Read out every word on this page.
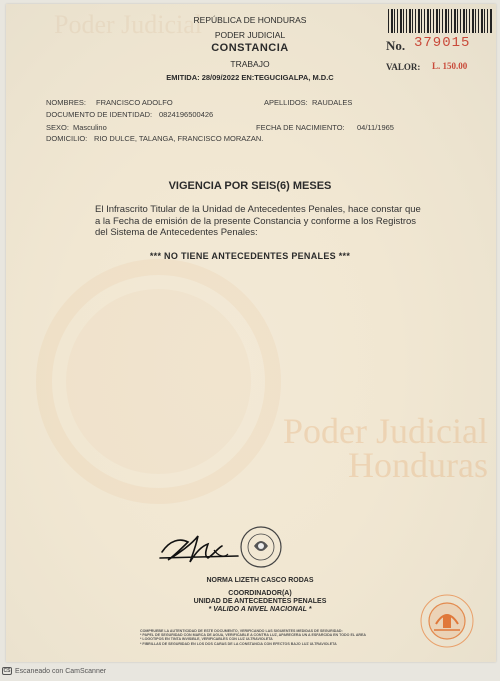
Poder Judicial
Poder Judicial
Honduras
REPÚBLICA DE HONDURAS
PODER JUDICIAL
CONSTANCIA
TRABAJO
EMITIDA: 28/09/2022 EN:TEGUCIGALPA, M.D.C
No. 379015
VALOR: L. 150.00
NOMBRES: FRANCISCO ADOLFO	APELLIDOS: RAUDALES
DOCUMENTO DE IDENTIDAD: 0824196500426
SEXO: Masculino	FECHA DE NACIMIENTO: 04/11/1965
DOMICILIO: RIO DULCE, TALANGA, FRANCISCO MORAZAN.
VIGENCIA POR SEIS(6) MESES
El Infrascrito Titular de la Unidad de Antecedentes Penales, hace constar que a la Fecha de emisión de la presente Constancia y conforme a los Registros del Sistema de Antecedentes Penales:
*** NO TIENE ANTECEDENTES PENALES ***
NORMA LIZETH CASCO RODAS
COORDINADOR(A)
UNIDAD DE ANTECEDENTES PENALES
* VALIDO A NIVEL NACIONAL *
COMPRUEBE LA AUTENTICIDAD DE ESTE DOCUMENTO, VERIFICANDO LAS SIGUIENTES MEDIDAS DE SEGURIDAD:
* PAPEL DE SEGURIDAD CON MARCA DE AGUA, VERIFICABLE A CONTRA LUZ, APARECERA UN A ESFARCIDA EN TODO EL AREA
* LOGOTIPOS EN TINTA INVISIBLE, VERIFICABLES CON LUZ ULTRAVIOLETA
* FIBRILLAS DE SEGURIDAD EN LOS DOS CARAS DE LA CONSTANCIA CON EFECTOS BAJO LUZ ULTRAVIOLETA
CS Escaneado con CamScanner
